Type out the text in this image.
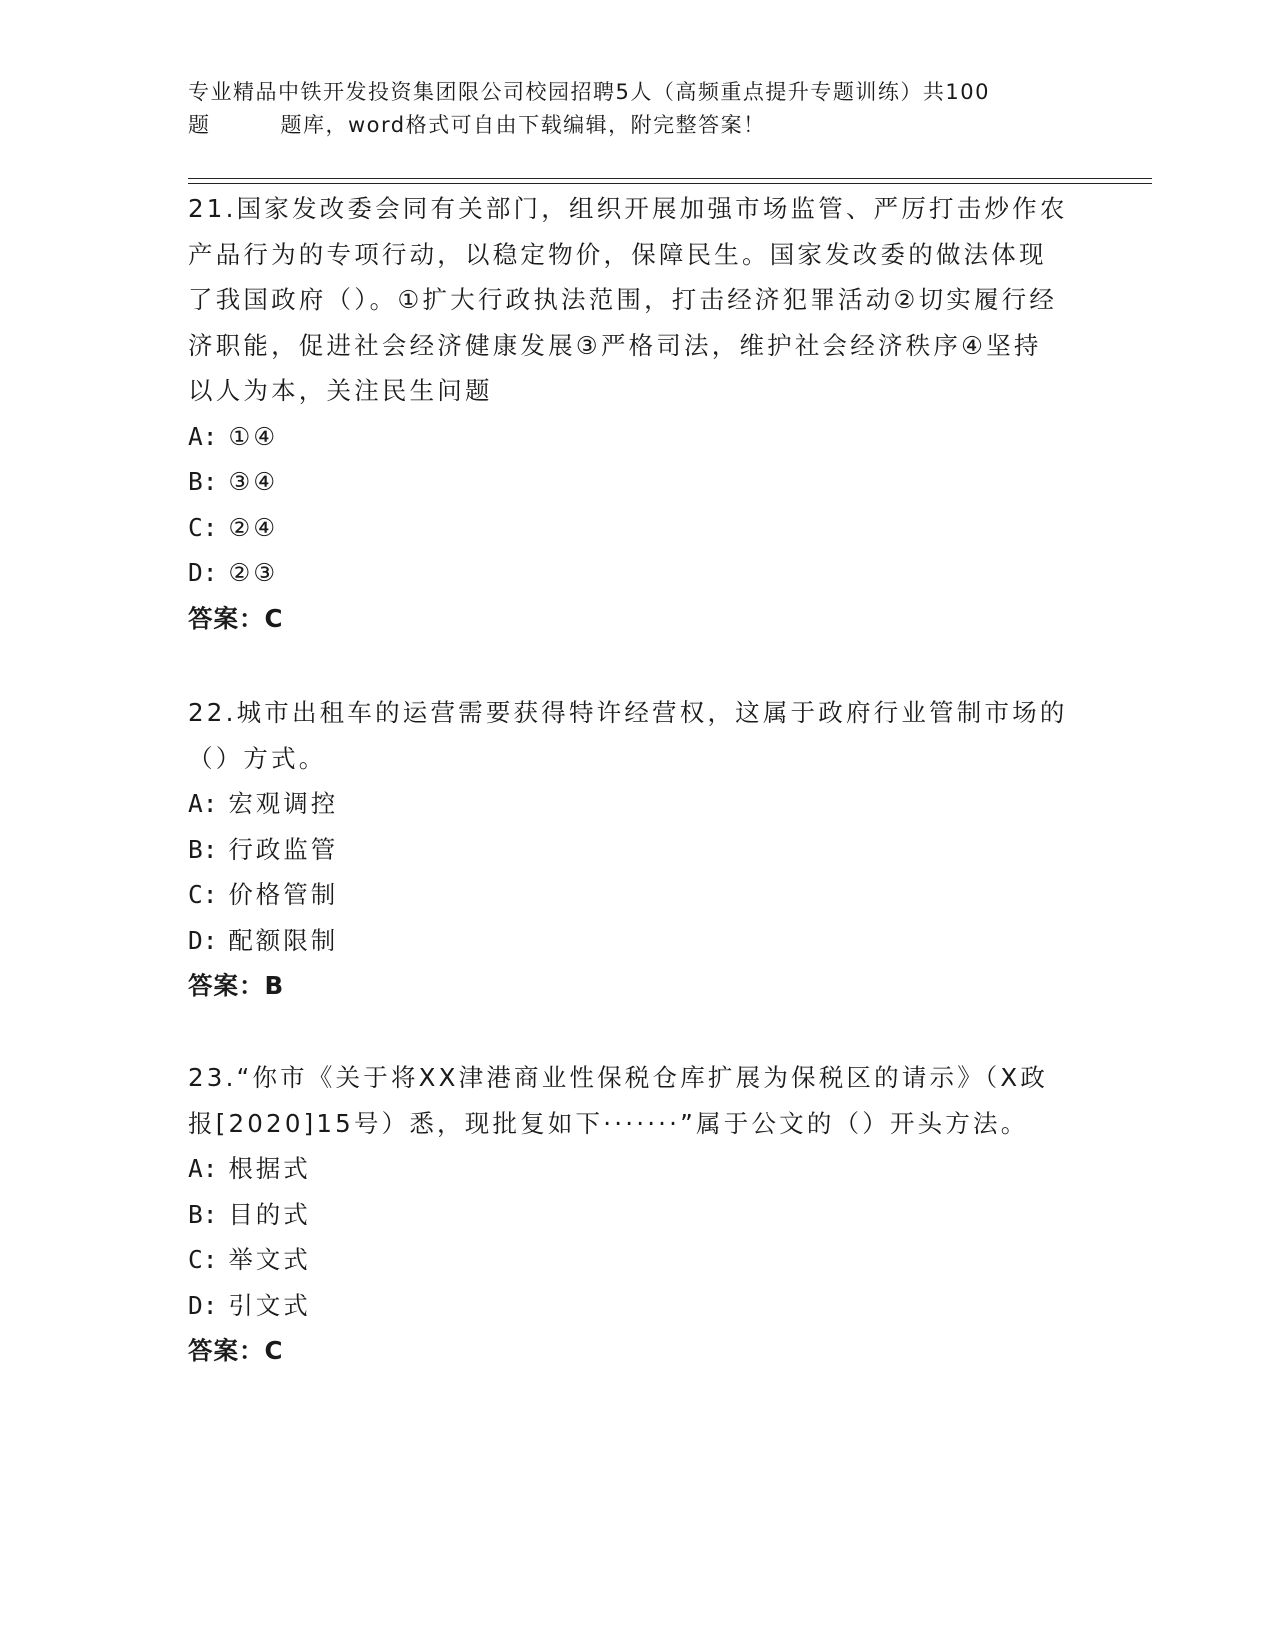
专业精品中铁开发投资集团限公司校园招聘5人（高频重点提升专题训练）共100
题	题库，word格式可自由下载编辑，附完整答案！

21.国家发改委会同有关部门，组织开展加强市场监管、严厉打击炒作农产品行为的专项行动，以稳定物价，保障民生。国家发改委的做法体现了我国政府（）。①扩大行政执法范围，打击经济犯罪活动②切实履行经济职能，促进社会经济健康发展③严格司法，维护社会经济秩序④坚持以人为本，关注民生问题

A: ①④

B: ③④

C: ②④

D: ②③

答案：C

22.城市出租车的运营需要获得特许经营权，这属于政府行业管制市场的（）方式。

A: 宏观调控

B: 行政监管

C: 价格管制

D: 配额限制

答案：B

23.“你市《关于将XX津港商业性保税仓库扩展为保税区的请示》（X政报[2020]15号）悉，现批复如下·······”属于公文的（）开头方法。

A: 根据式

B: 目的式

C: 举文式

D: 引文式

答案：C
